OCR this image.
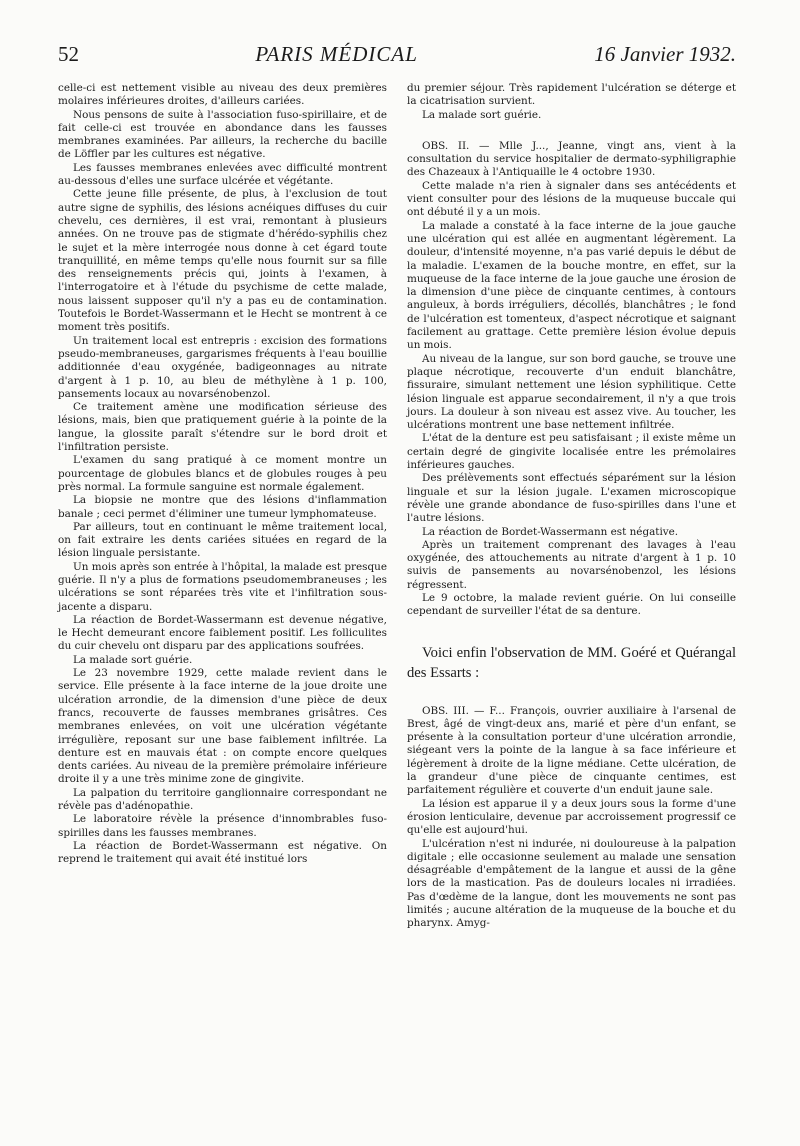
52	PARIS MÉDICAL	16 Janvier 1932.

celle-ci est nettement visible au niveau des deux premières molaires inférieures droites, d'ailleurs cariées.

Nous pensons de suite à l'association fuso-spirillaire, et de fait celle-ci est trouvée en abondance dans les fausses membranes examinées. Par ailleurs, la recherche du bacille de Löffler par les cultures est négative.

Les fausses membranes enlevées avec difficulté montrent au-dessous d'elles une surface ulcérée et végétante.

Cette jeune fille présente, de plus, à l'exclusion de tout autre signe de syphilis, des lésions acnéiques diffuses du cuir chevelu, ces dernières, il est vrai, remontant à plusieurs années. On ne trouve pas de stigmate d'hérédo-syphilis chez le sujet et la mère interrogée nous donne à cet égard toute tranquillité, en même temps qu'elle nous fournit sur sa fille des renseignements précis qui, joints à l'examen, à l'interrogatoire et à l'étude du psychisme de cette malade, nous laissent supposer qu'il n'y a pas eu de contamination. Toutefois le Bordet-Wassermann et le Hecht se montrent à ce moment très positifs.

Un traitement local est entrepris : excision des formations pseudo-membraneuses, gargarismes fréquents à l'eau bouillie additionnée d'eau oxygénée, badigeonnages au nitrate d'argent à 1 p. 10, au bleu de méthylène à 1 p. 100, pansements locaux au novarsénobenzol.

Ce traitement amène une modification sérieuse des lésions, mais, bien que pratiquement guérie à la pointe de la langue, la glossite paraît s'étendre sur le bord droit et l'infiltration persiste.

L'examen du sang pratiqué à ce moment montre un pourcentage de globules blancs et de globules rouges à peu près normal. La formule sanguine est normale également.

La biopsie ne montre que des lésions d'inflammation banale ; ceci permet d'éliminer une tumeur lymphomateuse.

Par ailleurs, tout en continuant le même traitement local, on fait extraire les dents cariées situées en regard de la lésion linguale persistante.

Un mois après son entrée à l'hôpital, la malade est presque guérie. Il n'y a plus de formations pseudomembraneuses ; les ulcérations se sont réparées très vite et l'infiltration sous-jacente a disparu.

La réaction de Bordet-Wassermann est devenue négative, le Hecht demeurant encore faiblement positif. Les folliculites du cuir chevelu ont disparu par des applications soufrées.

La malade sort guérie.

Le 23 novembre 1929, cette malade revient dans le service. Elle présente à la face interne de la joue droite une ulcération arrondie, de la dimension d'une pièce de deux francs, recouverte de fausses membranes grisâtres. Ces membranes enlevées, on voit une ulcération végétante irrégulière, reposant sur une base faiblement infiltrée. La denture est en mauvais état : on compte encore quelques dents cariées. Au niveau de la première prémolaire inférieure droite il y a une très minime zone de gingivite.

La palpation du territoire ganglionnaire correspondant ne révèle pas d'adénopathie.

Le laboratoire révèle la présence d'innombrables fuso-spirilles dans les fausses membranes.

La réaction de Bordet-Wassermann est négative. On reprend le traitement qui avait été institué lors

du premier séjour. Très rapidement l'ulcération se déterge et la cicatrisation survient.

La malade sort guérie.

OBS. II. — Mlle J..., Jeanne, vingt ans, vient à la consultation du service hospitalier de dermato-syphiligraphie des Chazeaux à l'Antiquaille le 4 octobre 1930.

Cette malade n'a rien à signaler dans ses antécédents et vient consulter pour des lésions de la muqueuse buccale qui ont débuté il y a un mois.

La malade a constaté à la face interne de la joue gauche une ulcération qui est allée en augmentant légèrement. La douleur, d'intensité moyenne, n'a pas varié depuis le début de la maladie. L'examen de la bouche montre, en effet, sur la muqueuse de la face interne de la joue gauche une érosion de la dimension d'une pièce de cinquante centimes, à contours anguleux, à bords irréguliers, décollés, blanchâtres ; le fond de l'ulcération est tomenteux, d'aspect nécrotique et saignant facilement au grattage. Cette première lésion évolue depuis un mois.

Au niveau de la langue, sur son bord gauche, se trouve une plaque nécrotique, recouverte d'un enduit blanchâtre, fissuraire, simulant nettement une lésion syphilitique. Cette lésion linguale est apparue secondairement, il n'y a que trois jours. La douleur à son niveau est assez vive. Au toucher, les ulcérations montrent une base nettement infiltrée.

L'état de la denture est peu satisfaisant ; il existe même un certain degré de gingivite localisée entre les prémolaires inférieures gauches.

Des prélèvements sont effectués séparément sur la lésion linguale et sur la lésion jugale. L'examen microscopique révèle une grande abondance de fuso-spirilles dans l'une et l'autre lésions.

La réaction de Bordet-Wassermann est négative.

Après un traitement comprenant des lavages à l'eau oxygénée, des attouchements au nitrate d'argent à 1 p. 10 suivis de pansements au novarsénobenzol, les lésions régressent.

Le 9 octobre, la malade revient guérie. On lui conseille cependant de surveiller l'état de sa denture.

Voici enfin l'observation de MM. Goéré et Quérangal des Essarts :

OBS. III. — F... François, ouvrier auxiliaire à l'arsenal de Brest, âgé de vingt-deux ans, marié et père d'un enfant, se présente à la consultation porteur d'une ulcération arrondie, siégeant vers la pointe de la langue à sa face inférieure et légèrement à droite de la ligne médiane. Cette ulcération, de la grandeur d'une pièce de cinquante centimes, est parfaitement régulière et couverte d'un enduit jaune sale.

La lésion est apparue il y a deux jours sous la forme d'une érosion lenticulaire, devenue par accroissement progressif ce qu'elle est aujourd'hui.

L'ulcération n'est ni indurée, ni douloureuse à la palpation digitale ; elle occasionne seulement au malade une sensation désagréable d'empâtement de la langue et aussi de la gêne lors de la mastication. Pas de douleurs locales ni irradiées. Pas d'œdème de la langue, dont les mouvements ne sont pas limités ; aucune altération de la muqueuse de la bouche et du pharynx. Amyg-
